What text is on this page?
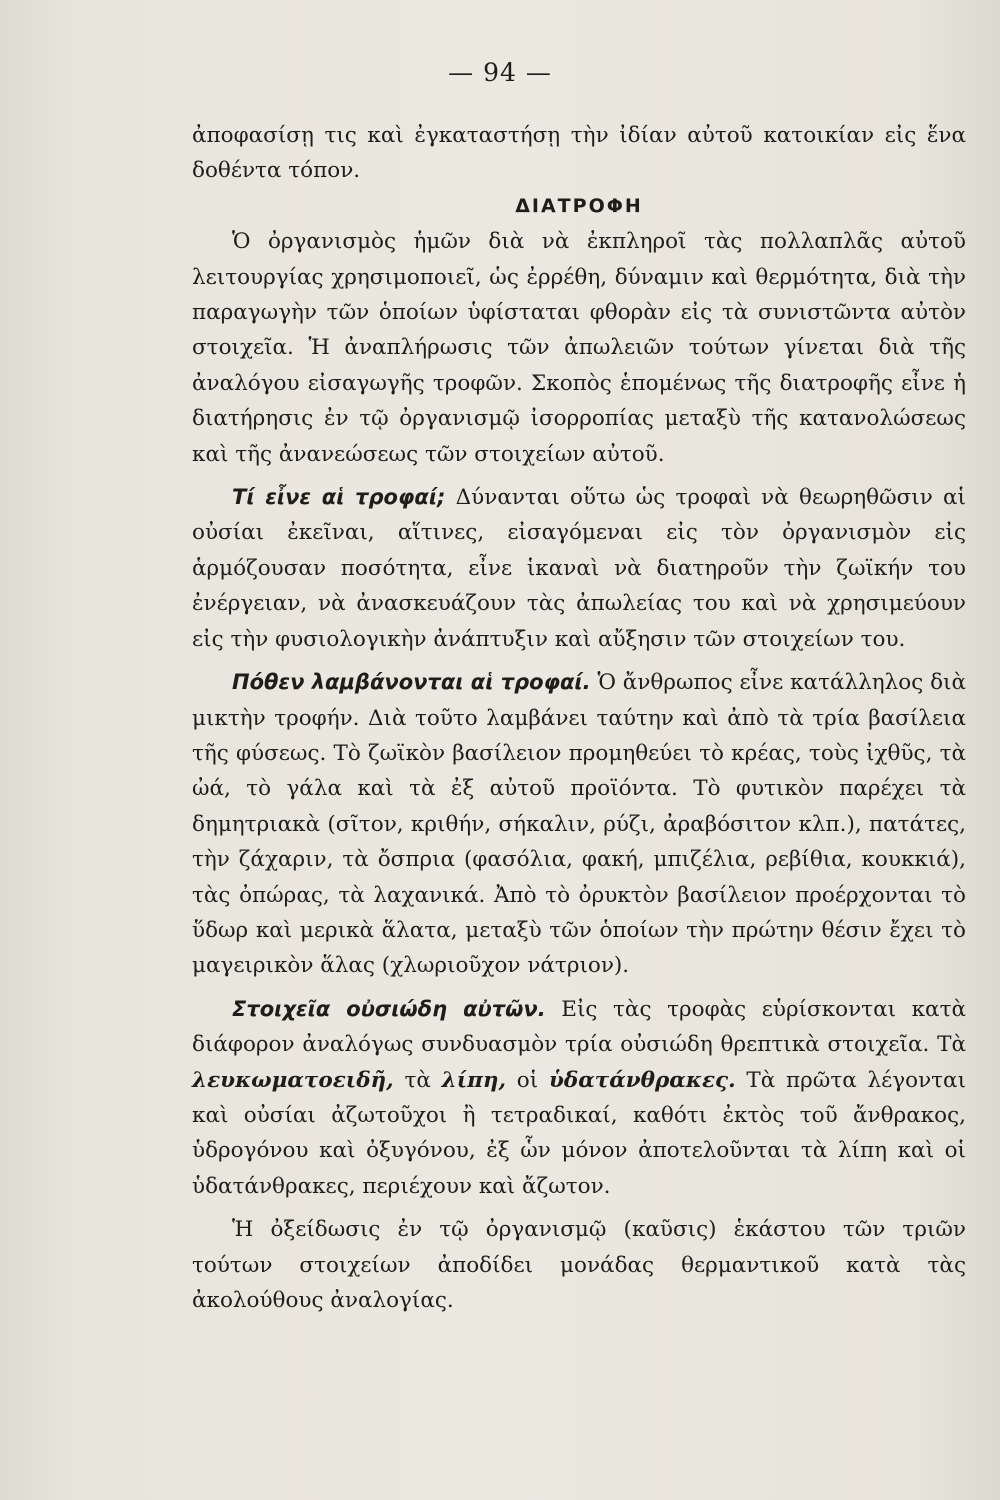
— 94 —

ἀποφασίσῃ τις καὶ ἐγκαταστήσῃ τὴν ἰδίαν αὐτοῦ κατοικίαν εἰς ἕνα δοθέντα τόπον.

ΔΙΑΤΡΟΦΗ

Ὁ ὀργανισμὸς ἡμῶν διὰ νὰ ἐκπληροῖ τὰς πολλαπλᾶς αὐτοῦ λειτουργίας χρησιμοποιεῖ, ὡς ἐρρέθη, δύναμιν καὶ θερμότητα, διὰ τὴν παραγωγὴν τῶν ὁποίων ὑφίσταται φθορὰν εἰς τὰ συνιστῶντα αὐτὸν στοιχεῖα. Ἡ ἀναπλήρωσις τῶν ἀπωλειῶν τούτων γίνεται διὰ τῆς ἀναλόγου εἰσαγωγῆς τροφῶν. Σκοπὸς ἑπομένως τῆς διατροφῆς εἶνε ἡ διατήρησις ἐν τῷ ὀργανισμῷ ἰσορροπίας μεταξὺ τῆς κατανολώσεως καὶ τῆς ἀνανεώσεως τῶν στοιχείων αὐτοῦ.

Τί εἶνε αἱ τροφαί; Δύνανται οὕτω ὡς τροφαὶ νὰ θεωρηθῶσιν αἱ οὐσίαι ἐκεῖναι, αἵτινες, εἰσαγόμεναι εἰς τὸν ὀργανισμὸν εἰς ἁρμόζουσαν ποσότητα, εἶνε ἱκαναὶ νὰ διατηροῦν τὴν ζωϊκήν του ἐνέργειαν, νὰ ἀνασκευάζουν τὰς ἀπωλείας του καὶ νὰ χρησιμεύουν εἰς τὴν φυσιολογικὴν ἀνάπτυξιν καὶ αὔξησιν τῶν στοιχείων του.

Πόθεν λαμβάνονται αἱ τροφαί. Ὁ ἄνθρωπος εἶνε κατάλληλος διὰ μικτὴν τροφήν. Διὰ τοῦτο λαμβάνει ταύτην καὶ ἀπὸ τὰ τρία βασίλεια τῆς φύσεως. Τὸ ζωϊκὸν βασίλειον προμηθεύει τὸ κρέας, τοὺς ἰχθῦς, τὰ ὠά, τὸ γάλα καὶ τὰ ἐξ αὐτοῦ προϊόντα. Τὸ φυτικὸν παρέχει τὰ δημητριακὰ (σῖτον, κριθήν, σήκαλιν, ρύζι, ἀραβόσιτον κλπ.), πατάτες, τὴν ζάχαριν, τὰ ὄσπρια (φασόλια, φακή, μπιζέλια, ρεβίθια, κουκκιά), τὰς ὀπώρας, τὰ λαχανικά. Ἀπὸ τὸ ὀρυκτὸν βασίλειον προέρχονται τὸ ὕδωρ καὶ μερικὰ ἅλατα, μεταξὺ τῶν ὁποίων τὴν πρώτην θέσιν ἔχει τὸ μαγειρικὸν ἅλας (χλωριοῦχον νάτριον).

Στοιχεῖα οὐσιώδη αὐτῶν. Εἰς τὰς τροφὰς εὑρίσκονται κατὰ διάφορον ἀναλόγως συνδυασμὸν τρία οὐσιώδη θρεπτικὰ στοιχεῖα. Τὰ λευκωματοειδῆ, τὰ λίπη, οἱ ὑδατάνθρακες. Τὰ πρῶτα λέγονται καὶ οὐσίαι ἀζωτοῦχοι ἢ τετραδικαί, καθότι ἐκτὸς τοῦ ἄνθρακος, ὑδρογόνου καὶ ὀξυγόνου, ἐξ ὧν μόνον ἀποτελοῦνται τὰ λίπη καὶ οἱ ὑδατάνθρακες, περιέχουν καὶ ἄζωτον.

Ἡ ὀξείδωσις ἐν τῷ ὀργανισμῷ (καῦσις) ἑκάστου τῶν τριῶν τούτων στοιχείων ἀποδίδει μονάδας θερμαντικοῦ κατὰ τὰς ἀκολούθους ἀναλογίας.
